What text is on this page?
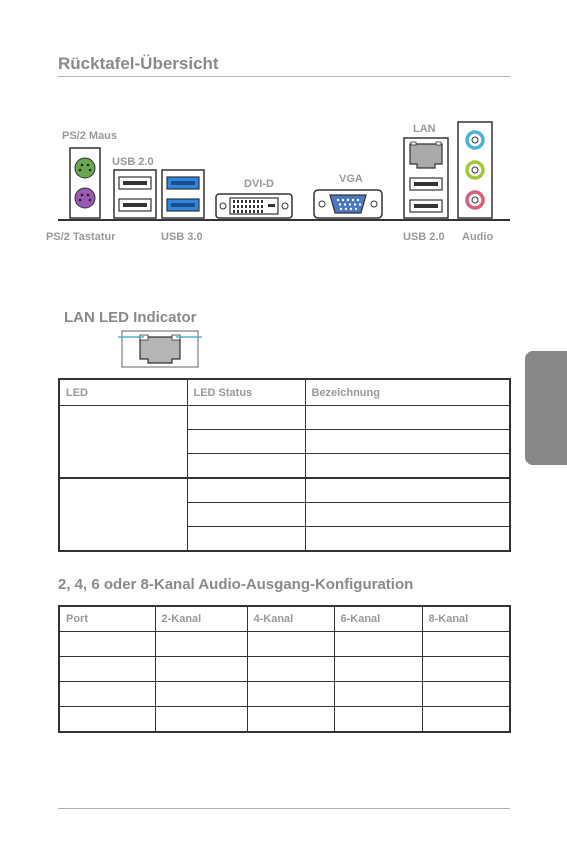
Rücktafel-Übersicht
PS/2 Maus
USB 2.0
DVI-D	VGA
LAN
PS/2 Tastatur	USB 3.0	USB 2.0 Audio
LAN LED Indicator
LED	LED Status	Bezeichnung

2, 4, 6 oder 8-Kanal Audio-Ausgang-Konfiguration
Port	2-Kanal	4-Kanal	6-Kanal	8-Kanal
